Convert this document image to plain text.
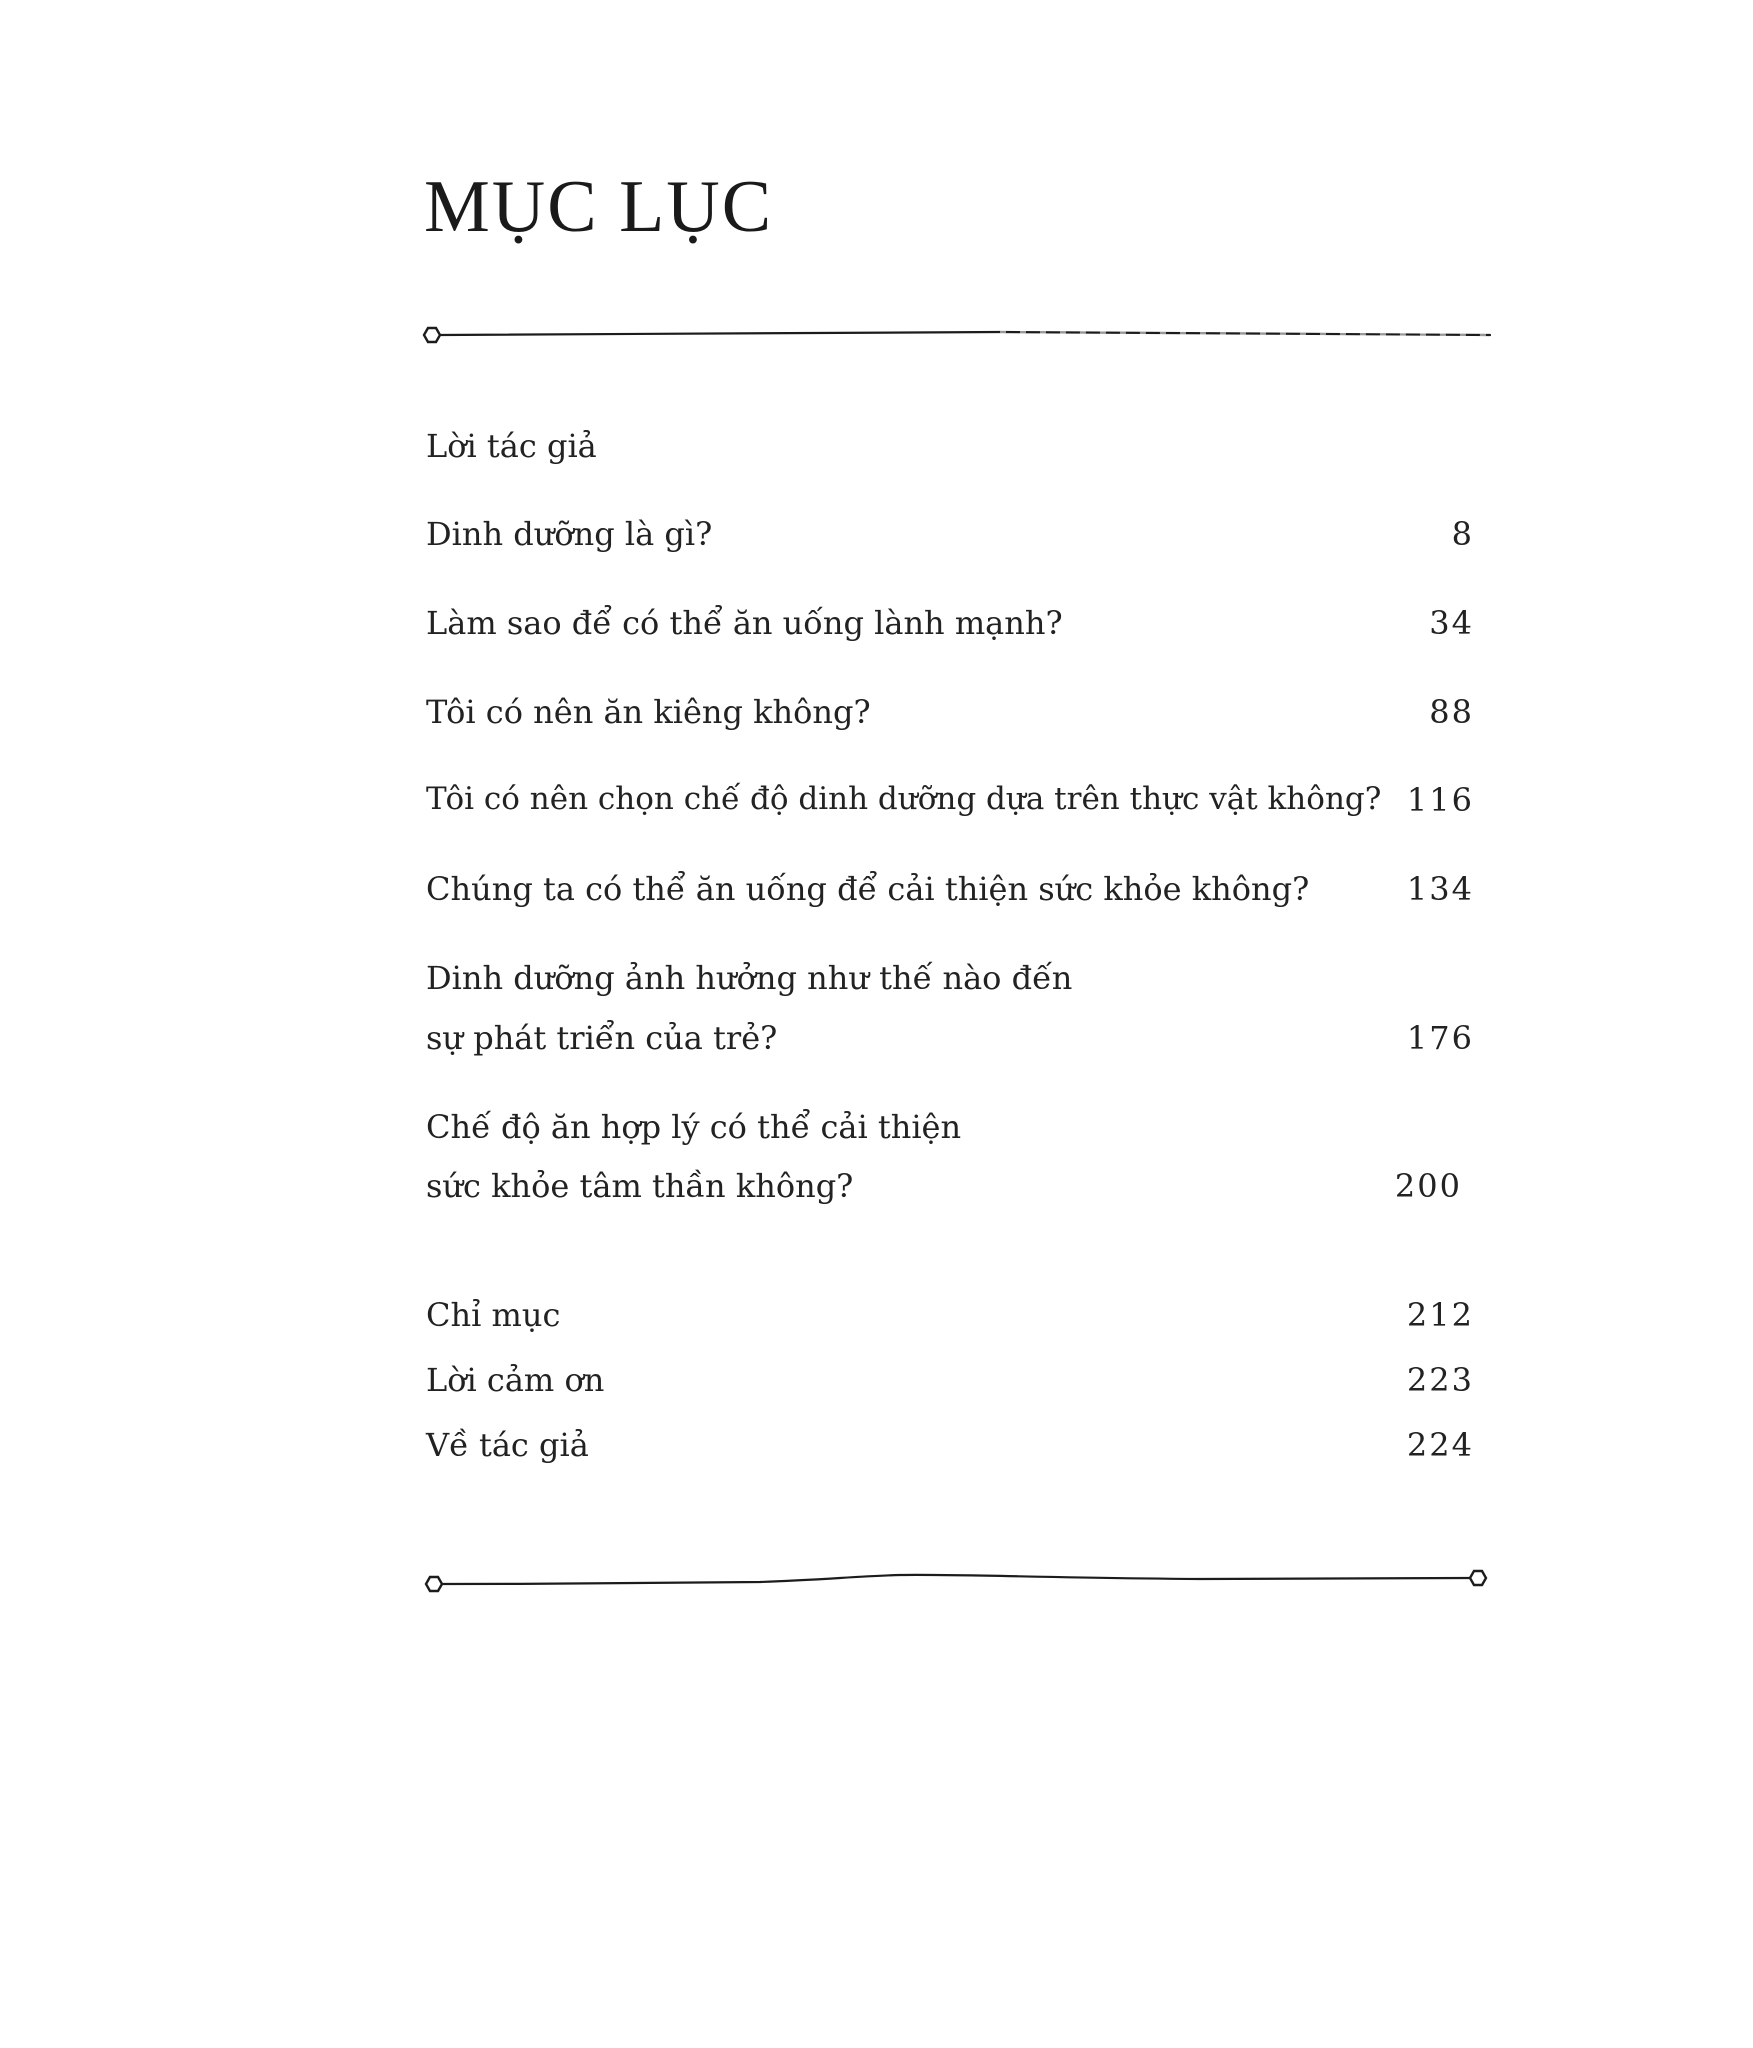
MỤC LỤC
Lời tác giả
Dinh dưỡng là gì?	8
Làm sao để có thể ăn uống lành mạnh?	34
Tôi có nên ăn kiêng không?	88
Tôi có nên chọn chế độ dinh dưỡng dựa trên thực vật không? 116
Chúng ta có thể ăn uống để cải thiện sức khỏe không?	134
Dinh dưỡng ảnh hưởng như thế nào đến
sự phát triển của trẻ?	176
Chế độ ăn hợp lý có thể cải thiện
sức khỏe tâm thần không?	200
Chỉ mục	212
Lời cảm ơn	223
Về tác giả	224
